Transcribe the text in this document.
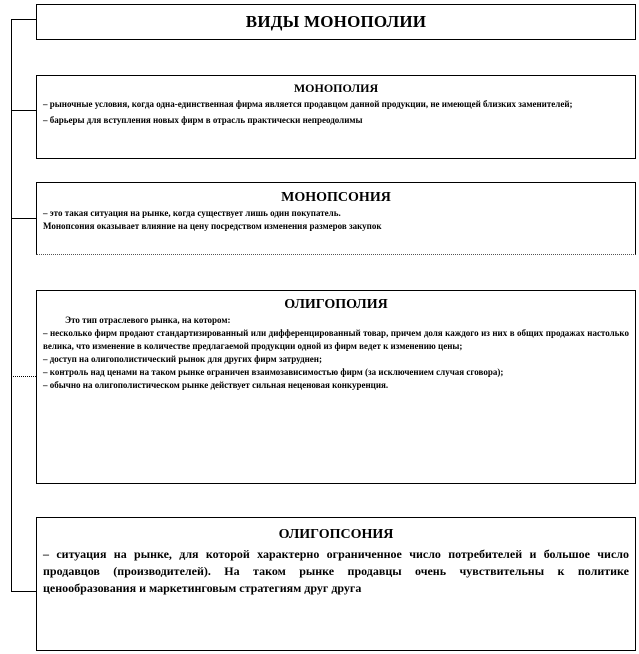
ВИДЫ МОНОПОЛИИ
МОНОПОЛИЯ

– рыночные условия, когда одна-единственная фирма является продавцом данной продукции, не имеющей близких заменителей;

– барьеры для вступления новых фирм в отрасль практически непреодолимы

МОНОПСОНИЯ

– это такая ситуация на рынке, когда существует лишь один покупатель.

Монопсония оказывает влияние на цену посредством изменения размеров закупок

ОЛИГОПОЛИЯ

Это тип отраслевого рынка, на котором:

– несколько фирм продают стандартизированный или дифференцированный товар, причем доля каждого из них в общих продажах настолько велика, что изменение в количестве предлагаемой продукции одной из фирм ведет к изменению цены;

– доступ на олигополистический рынок для других фирм затруднен;

– контроль над ценами на таком рынке ограничен взаимозависимостью фирм (за исключением случая сговора);

– обычно на олигополистическом рынке действует сильная неценовая конкуренция.

ОЛИГОПСОНИЯ

– ситуация на рынке, для которой характерно ограниченное число потребителей и большое число продавцов (производителей). На таком рынке продавцы очень чувствительны к политике ценообразования и маркетинговым стратегиям друг друга
